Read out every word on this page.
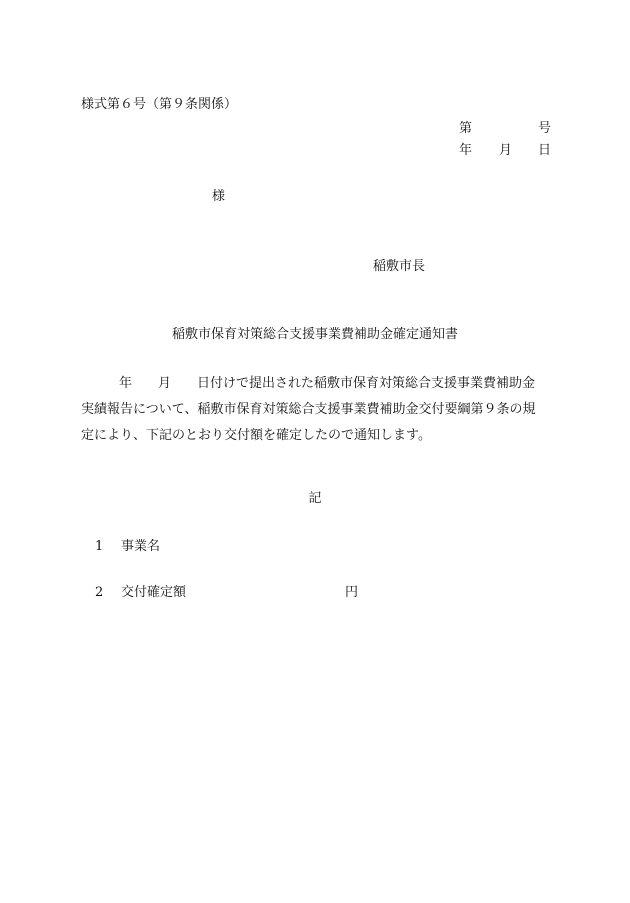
様式第６号（第９条関係）
第	号
年 月 日
様
稲敷市長
稲敷市保育対策総合支援事業費補助金確定通知書
年 月 日付けで提出された稲敷市保育対策総合支援事業費補助金
実績報告について、稲敷市保育対策総合支援事業費補助金交付要綱第９条の規
定により、下記のとおり交付額を確定したので通知します。
記
1 事業名
2 交付確定額	円
